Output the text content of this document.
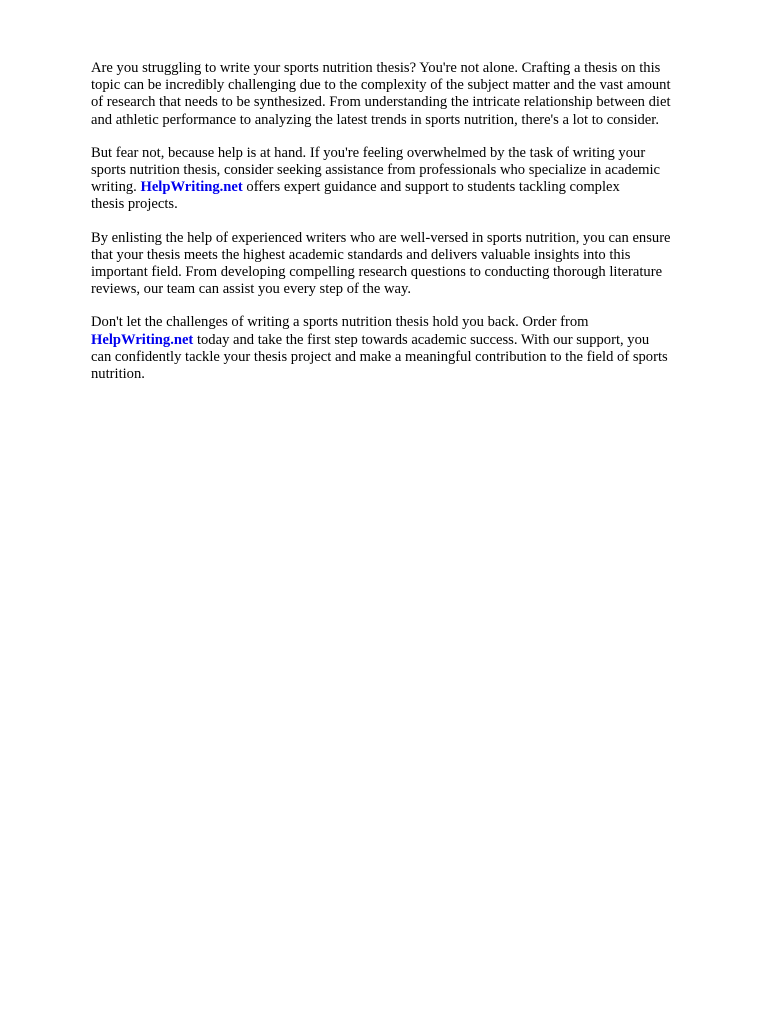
Are you struggling to write your sports nutrition thesis? You're not alone. Crafting a thesis on this
topic can be incredibly challenging due to the complexity of the subject matter and the vast amount
of research that needs to be synthesized. From understanding the intricate relationship between diet
and athletic performance to analyzing the latest trends in sports nutrition, there's a lot to consider.

But fear not, because help is at hand. If you're feeling overwhelmed by the task of writing your
sports nutrition thesis, consider seeking assistance from professionals who specialize in academic
writing. HelpWriting.net offers expert guidance and support to students tackling complex
thesis projects.

By enlisting the help of experienced writers who are well-versed in sports nutrition, you can ensure
that your thesis meets the highest academic standards and delivers valuable insights into this
important field. From developing compelling research questions to conducting thorough literature
reviews, our team can assist you every step of the way.

Don't let the challenges of writing a sports nutrition thesis hold you back. Order from
HelpWriting.net today and take the first step towards academic success. With our support, you
can confidently tackle your thesis project and make a meaningful contribution to the field of sports
nutrition.
